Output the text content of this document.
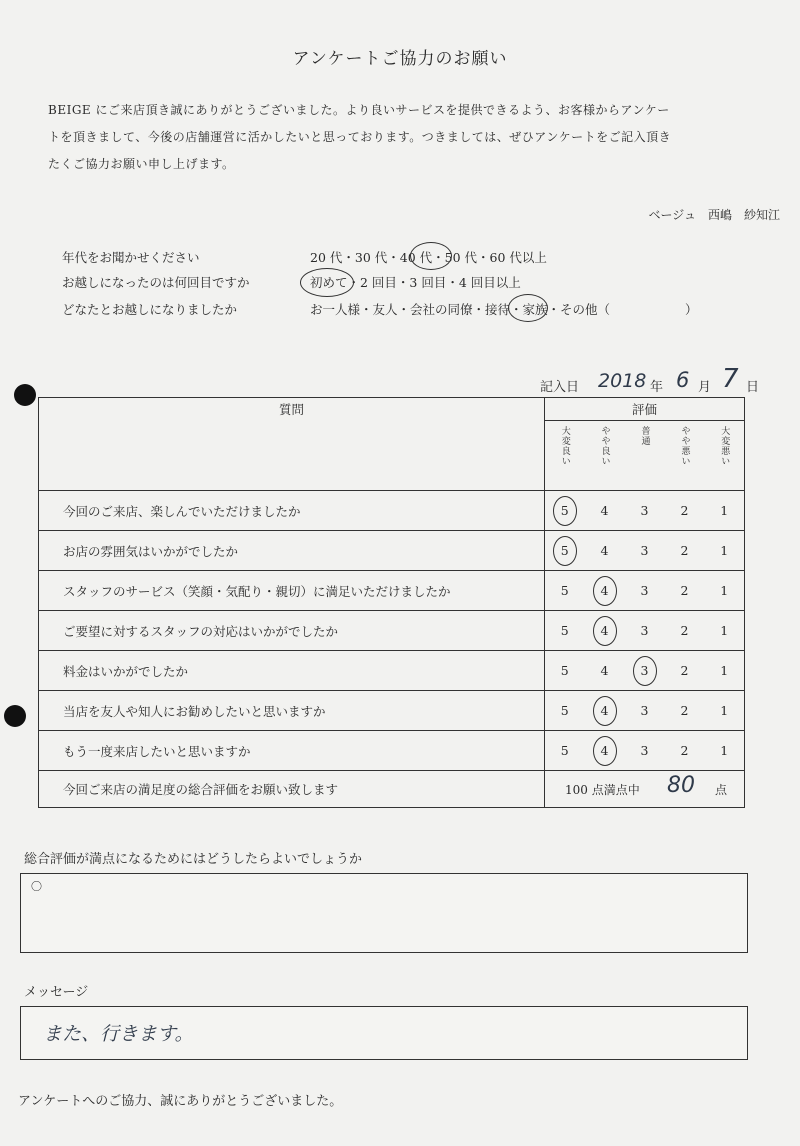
アンケートご協力のお願い

BEIGE にご来店頂き誠にありがとうございました。より良いサービスを提供できるよう、お客様からアンケー

トを頂きまして、今後の店舗運営に活かしたいと思っております。つきましては、ぜひアンケートをご記入頂き

たくご協力お願い申し上げます。

ベージュ　西嶋　紗知江
年代をお聞かせください	20 代・30 代・40 代・50 代・60 代以上
お越しになったのは何回目ですか	初めて・2 回目・3 回目・4 回目以上
どなたとお越しになりましたか	お一人様・友人・会社の同僚・接待・家族・その他（　　　　　　）
記入日 2018 年 6 月 7 日
質問	評価				

	大変良い	やや良い	普通	やや悪い	大変悪い

今回のご来店、楽しんでいただけましたか	5	4	3	2	1
お店の雰囲気はいかがでしたか	5	4	3	2	1
スタッフのサービス（笑顔・気配り・親切）に満足いただけましたか	5	4	3	2	1
ご要望に対するスタッフの対応はいかがでしたか	5	4	3	2	1
料金はいかがでしたか	5	4	3	2	1
当店を友人や知人にお勧めしたいと思いますか	5	4	3	2	1
もう一度来店したいと思いますか	5	4	3	2	1
今回ご来店の満足度の総合評価をお願い致します	100 点満点中 80 点				
総合評価が満点になるためにはどうしたらよいでしょうか
〇
メッセージ
また、行きます。
アンケートへのご協力、誠にありがとうございました。
